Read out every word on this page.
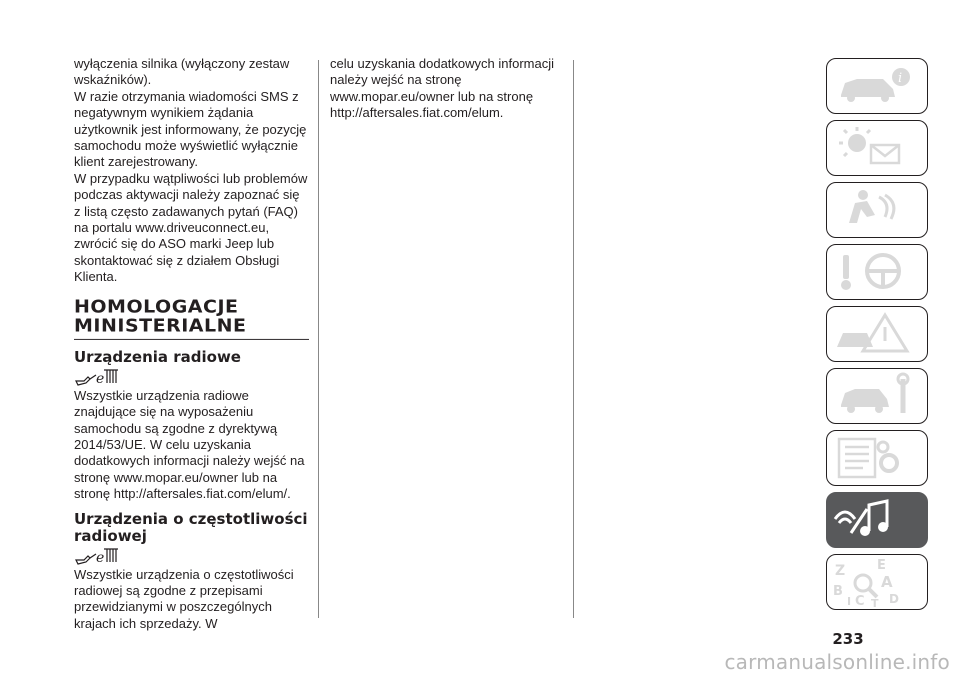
wyłączenia silnika (wyłączony zestaw wskaźników).

W razie otrzymania wiadomości SMS z negatywnym wynikiem żądania użytkownik jest informowany, że pozycję samochodu może wyświetlić wyłącznie klient zarejestrowany.

W przypadku wątpliwości lub problemów podczas aktywacji należy zapoznać się z listą często zadawanych pytań (FAQ) na portalu www.driveuconnect.eu, zwrócić się do ASO marki Jeep lub skontaktować się z działem Obsługi Klienta.

HOMOLOGACJE MINISTERIALNE
Urządzenia radiowe
e

Wszystkie urządzenia radiowe znajdujące się na wyposażeniu samochodu są zgodne z dyrektywą 2014/53/UE. W celu uzyskania dodatkowych informacji należy wejść na stronę www.mopar.eu/owner lub na stronę http://aftersales.fiat.com/elum/.

Urządzenia o częstotliwości radiowej
e

Wszystkie urządzenia o częstotliwości radiowej są zgodne z przepisami przewidzianymi w poszczególnych krajach ich sprzedaży. W

celu uzyskania dodatkowych informacji należy wejść na stronę www.mopar.eu/owner lub na stronę http://aftersales.fiat.com/elum.

i
Z E
B
A
C D
I T
233
carmanualsonline.info
